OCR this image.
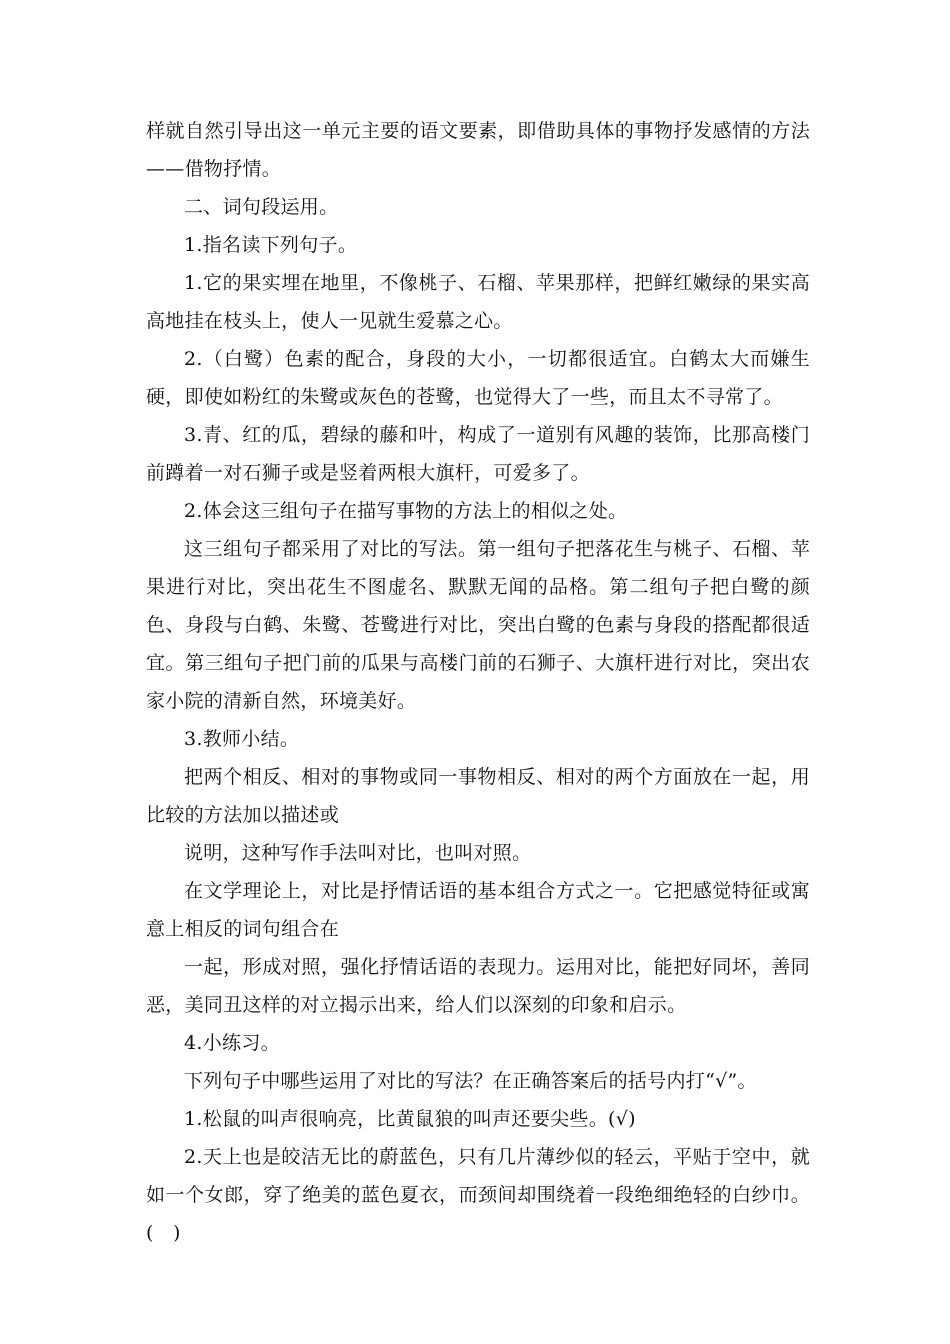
样就自然引导出这一单元主要的语文要素，即借助具体的事物抒发感情的方法——借物抒情。

二、词句段运用。

1.指名读下列句子。

1.它的果实埋在地里，不像桃子、石榴、苹果那样，把鲜红嫩绿的果实高高地挂在枝头上，使人一见就生爱慕之心。

2.（白鹭）色素的配合，身段的大小，一切都很适宜。白鹤太大而嫌生硬，即使如粉红的朱鹭或灰色的苍鹭，也觉得大了一些，而且太不寻常了。

3.青、红的瓜，碧绿的藤和叶，构成了一道别有风趣的装饰，比那高楼门前蹲着一对石狮子或是竖着两根大旗杆，可爱多了。

2.体会这三组句子在描写事物的方法上的相似之处。

这三组句子都采用了对比的写法。第一组句子把落花生与桃子、石榴、苹果进行对比，突出花生不图虚名、默默无闻的品格。第二组句子把白鹭的颜色、身段与白鹤、朱鹭、苍鹭进行对比，突出白鹭的色素与身段的搭配都很适宜。第三组句子把门前的瓜果与高楼门前的石狮子、大旗杆进行对比，突出农家小院的清新自然，环境美好。

3.教师小结。

把两个相反、相对的事物或同一事物相反、相对的两个方面放在一起，用比较的方法加以描述或

说明，这种写作手法叫对比，也叫对照。

在文学理论上，对比是抒情话语的基本组合方式之一。它把感觉特征或寓意上相反的词句组合在

一起，形成对照，强化抒情话语的表现力。运用对比，能把好同坏，善同恶，美同丑这样的对立揭示出来，给人们以深刻的印象和启示。

4.小练习。

下列句子中哪些运用了对比的写法？在正确答案后的括号内打“√”。

1.松鼠的叫声很响亮，比黄鼠狼的叫声还要尖些。(√)

2.天上也是皎洁无比的蔚蓝色，只有几片薄纱似的轻云，平贴于空中，就如一个女郎，穿了绝美的蓝色夏衣，而颈间却围绕着一段绝细绝轻的白纱巾。(　)
